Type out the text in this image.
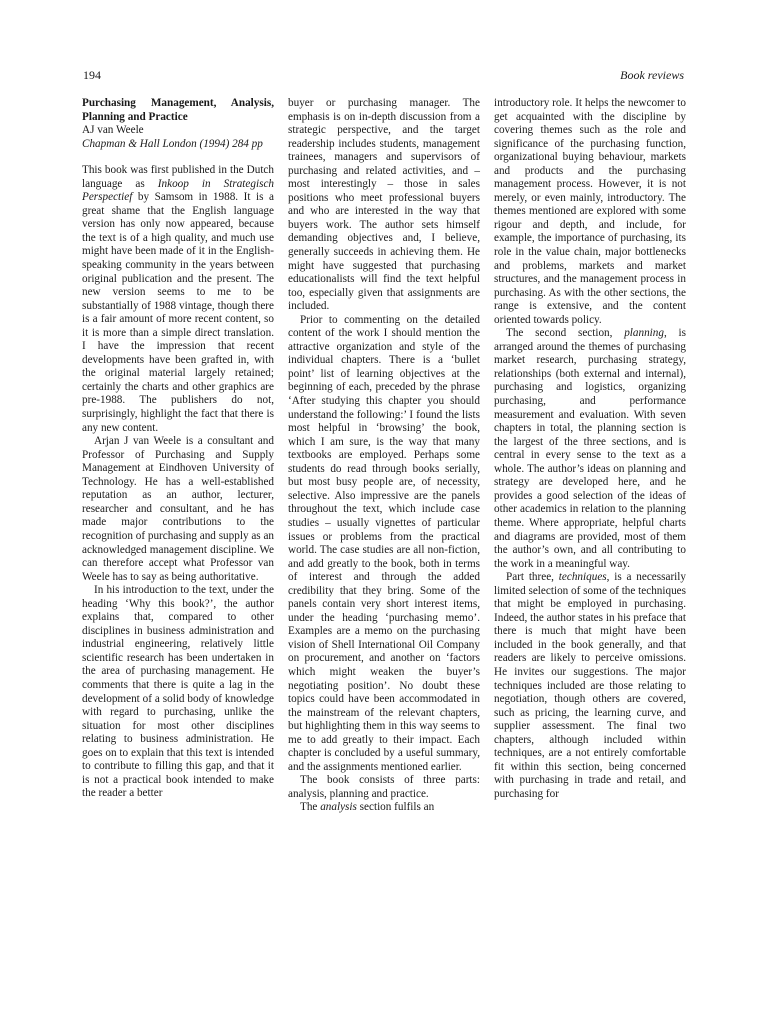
194	Book reviews

Purchasing Management, Analysis, Planning and Practice

AJ van Weele

Chapman & Hall London (1994) 284 pp

This book was first published in the Dutch language as Inkoop in Strategisch Perspectief by Samsom in 1988. It is a great shame that the English language version has only now appeared, because the text is of a high quality, and much use might have been made of it in the English-speaking community in the years between original publication and the present. The new version seems to me to be substantially of 1988 vintage, though there is a fair amount of more recent content, so it is more than a simple direct translation. I have the impression that recent developments have been grafted in, with the original material largely retained; certainly the charts and other graphics are pre-1988. The publishers do not, surprisingly, highlight the fact that there is any new content.

Arjan J van Weele is a consultant and Professor of Purchasing and Supply Management at Eindhoven University of Technology. He has a well-established reputation as an author, lecturer, researcher and consultant, and he has made major contributions to the recognition of purchasing and supply as an acknowledged management discipline. We can therefore accept what Professor van Weele has to say as being authoritative.

In his introduction to the text, under the heading ‘Why this book?’, the author explains that, compared to other disciplines in business administration and industrial engineering, relatively little scientific research has been undertaken in the area of purchasing management. He comments that there is quite a lag in the development of a solid body of knowledge with regard to purchasing, unlike the situation for most other disciplines relating to business administration. He goes on to explain that this text is intended to contribute to filling this gap, and that it is not a practical book intended to make the reader a better

buyer or purchasing manager. The emphasis is on in-depth discussion from a strategic perspective, and the target readership includes students, management trainees, managers and supervisors of purchasing and related activities, and – most interestingly – those in sales positions who meet professional buyers and who are interested in the way that buyers work. The author sets himself demanding objectives and, I believe, generally succeeds in achieving them. He might have suggested that purchasing educationalists will find the text helpful too, especially given that assignments are included.

Prior to commenting on the detailed content of the work I should mention the attractive organization and style of the individual chapters. There is a ‘bullet point’ list of learning objectives at the beginning of each, preceded by the phrase ‘After studying this chapter you should understand the following:’ I found the lists most helpful in ‘browsing’ the book, which I am sure, is the way that many textbooks are employed. Perhaps some students do read through books serially, but most busy people are, of necessity, selective. Also impressive are the panels throughout the text, which include case studies – usually vignettes of particular issues or problems from the practical world. The case studies are all non-fiction, and add greatly to the book, both in terms of interest and through the added credibility that they bring. Some of the panels contain very short interest items, under the heading ‘purchasing memo’. Examples are a memo on the purchasing vision of Shell International Oil Company on procurement, and another on ‘factors which might weaken the buyer’s negotiating position’. No doubt these topics could have been accommodated in the mainstream of the relevant chapters, but highlighting them in this way seems to me to add greatly to their impact. Each chapter is concluded by a useful summary, and the assignments mentioned earlier.

The book consists of three parts: analysis, planning and practice.

The analysis section fulfils an

introductory role. It helps the newcomer to get acquainted with the discipline by covering themes such as the role and significance of the purchasing function, organizational buying behaviour, markets and products and the purchasing management process. However, it is not merely, or even mainly, introductory. The themes mentioned are explored with some rigour and depth, and include, for example, the importance of purchasing, its role in the value chain, major bottlenecks and problems, markets and market structures, and the management process in purchasing. As with the other sections, the range is extensive, and the content oriented towards policy.

The second section, planning, is arranged around the themes of purchasing market research, purchasing strategy, relationships (both external and internal), purchasing and logistics, organizing purchasing, and performance measurement and evaluation. With seven chapters in total, the planning section is the largest of the three sections, and is central in every sense to the text as a whole. The author’s ideas on planning and strategy are developed here, and he provides a good selection of the ideas of other academics in relation to the planning theme. Where appropriate, helpful charts and diagrams are provided, most of them the author’s own, and all contributing to the work in a meaningful way.

Part three, techniques, is a necessarily limited selection of some of the techniques that might be employed in purchasing. Indeed, the author states in his preface that there is much that might have been included in the book generally, and that readers are likely to perceive omissions. He invites our suggestions. The major techniques included are those relating to negotiation, though others are covered, such as pricing, the learning curve, and supplier assessment. The final two chapters, although included within techniques, are a not entirely comfortable fit within this section, being concerned with purchasing in trade and retail, and purchasing for
